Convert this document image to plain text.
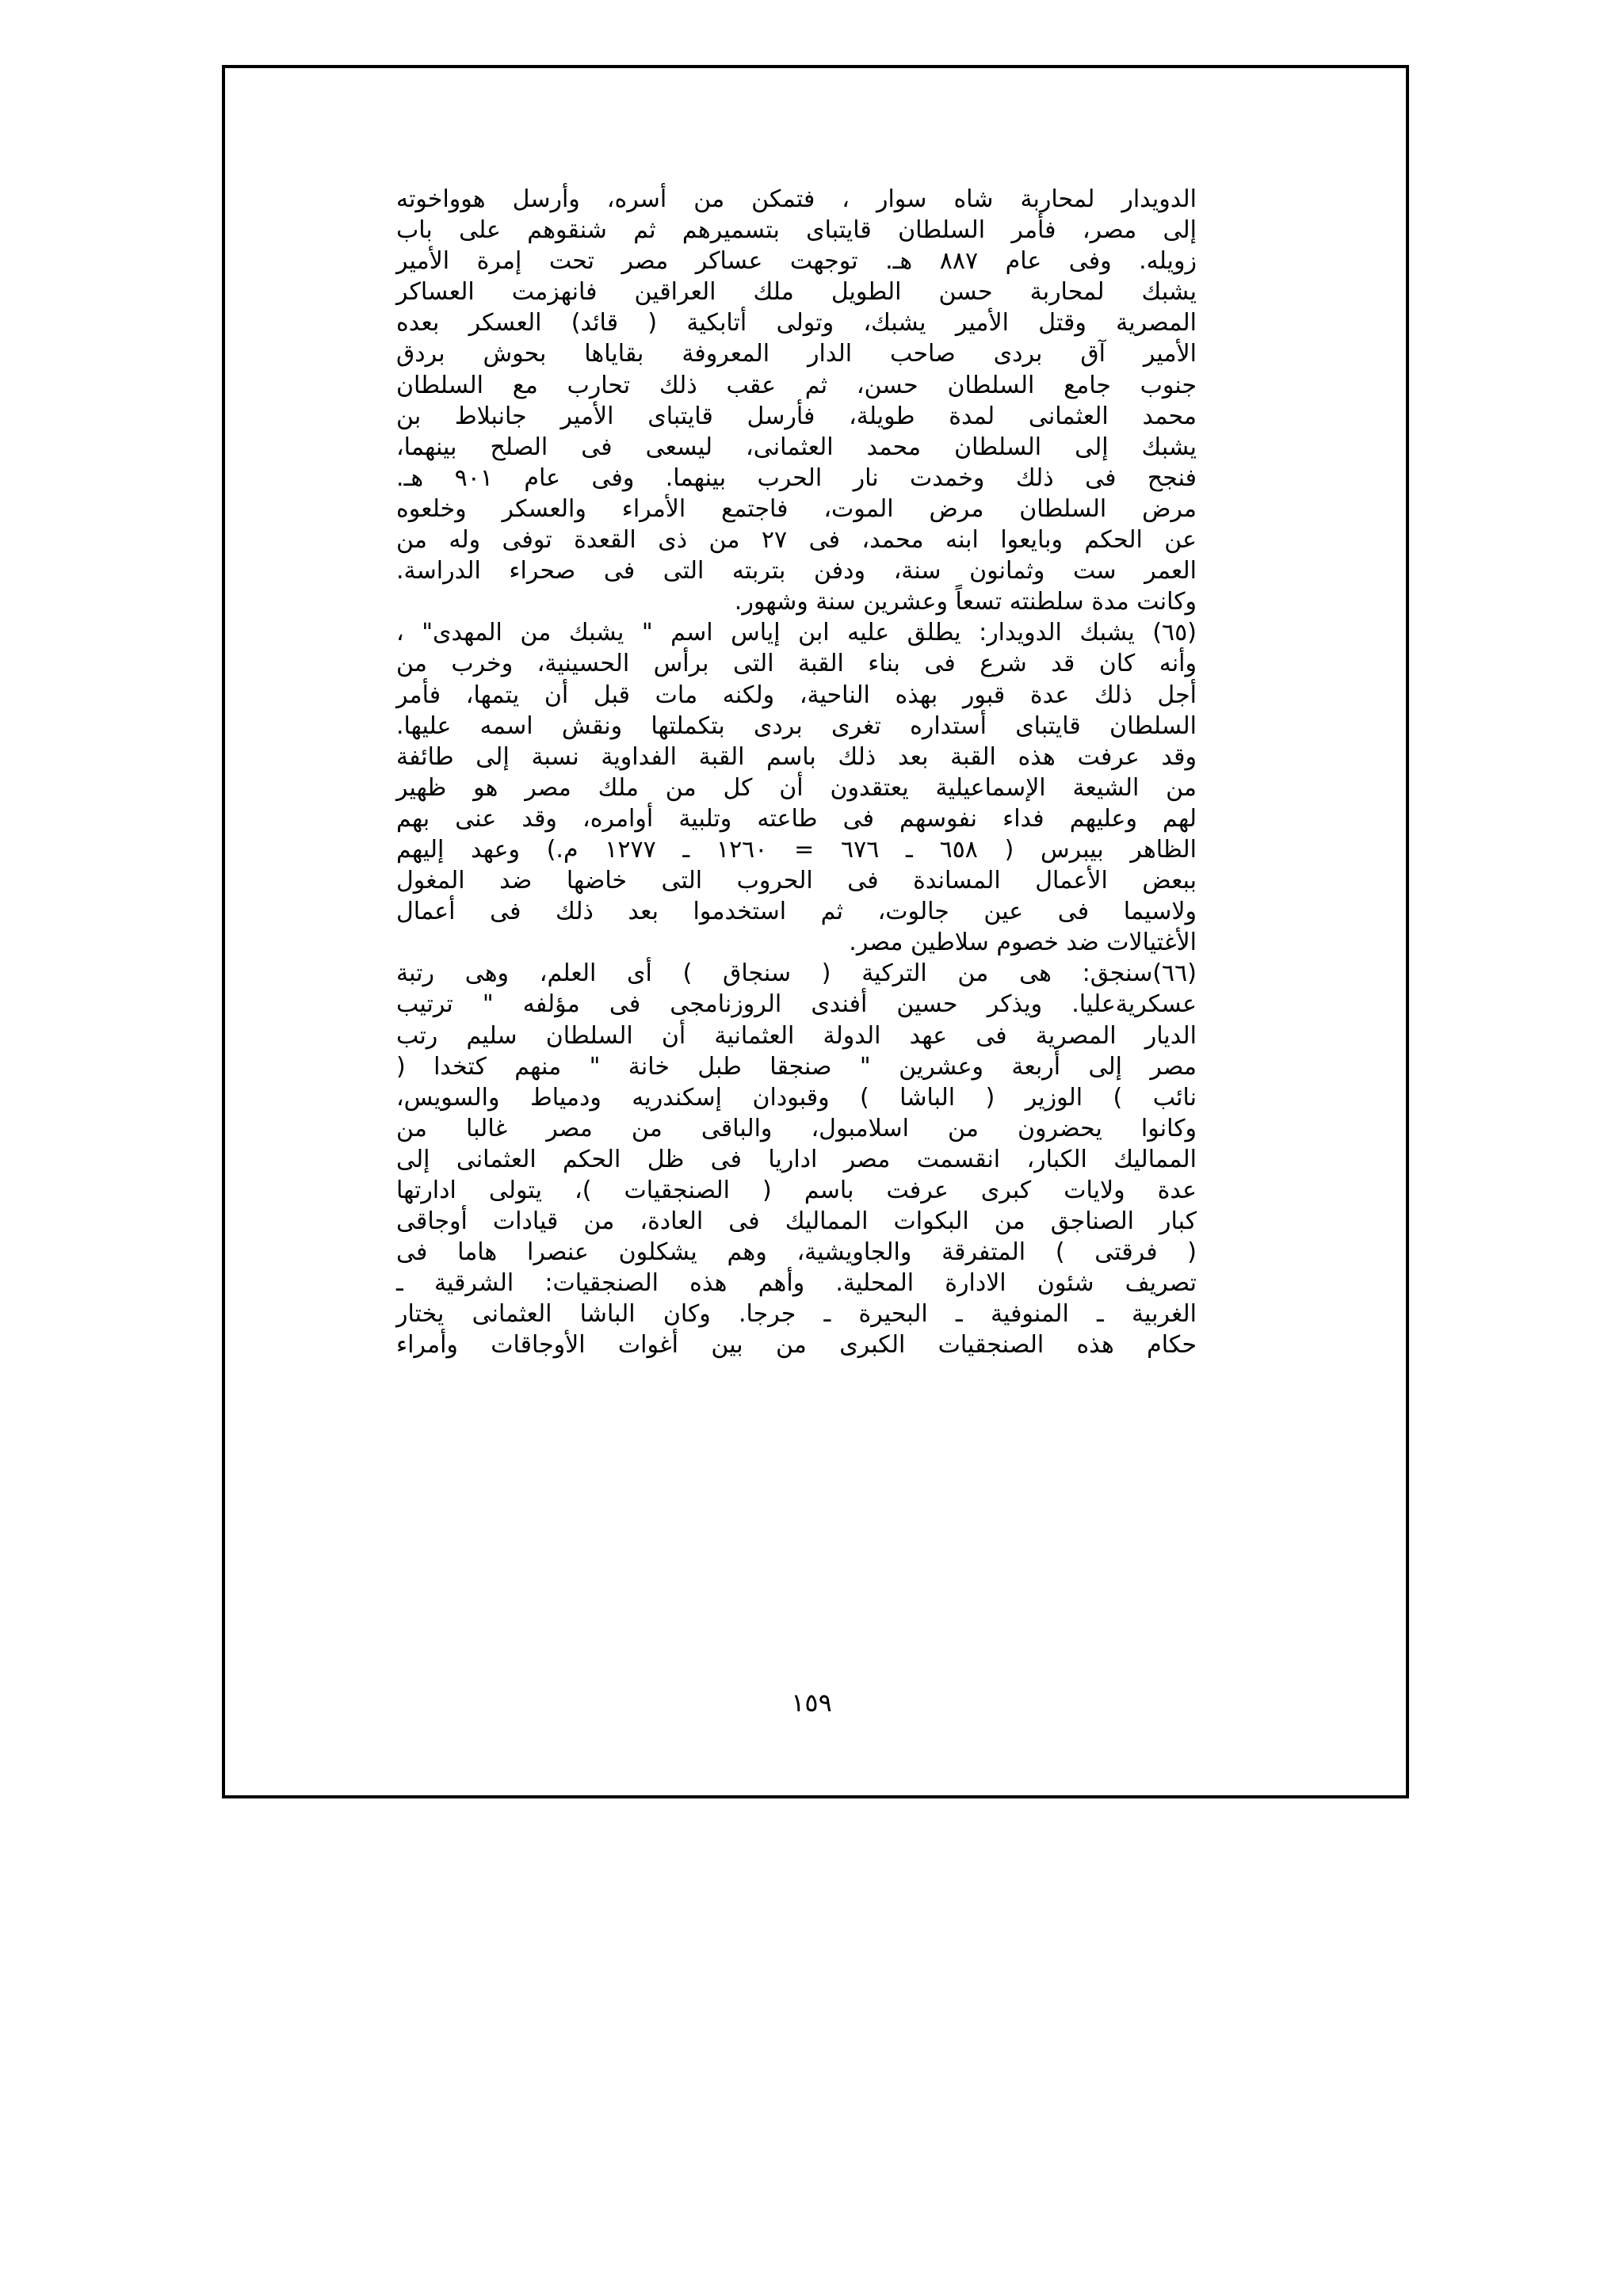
الدويدار لمحاربة شاه سوار ، فتمكن من أسره، وأرسل هوواخوته
إلى مصر، فأمر السلطان قايتباى بتسميرهم ثم شنقوهم على باب
زويله. وفى عام ٨٨٧ هـ. توجهت عساكر مصر تحت إمرة الأمير
يشبك لمحاربة حسن الطويل ملك العراقين فانهزمت العساكر
المصرية وقتل الأمير يشبك، وتولى أتابكية ( قائد) العسكر بعده
الأمير آق بردى صاحب الدار المعروفة بقاياها بحوش بردق
جنوب جامع السلطان حسن، ثم عقب ذلك تحارب مع السلطان
محمد العثمانى لمدة طويلة، فأرسل قايتباى الأمير جانبلاط بن
يشبك إلى السلطان محمد العثمانى، ليسعى فى الصلح بينهما،
فنجح فى ذلك وخمدت نار الحرب بينهما. وفى عام ٩٠١ هـ.
مرض السلطان مرض الموت، فاجتمع الأمراء والعسكر وخلعوه
عن الحكم وبايعوا ابنه محمد، فى ٢٧ من ذى القعدة توفى وله من
العمر ست وثمانون سنة، ودفن بتربته التى فى صحراء الدراسة.
وكانت مدة سلطنته تسعاً وعشرين سنة وشهور.
(٦٥) يشبك الدويدار: يطلق عليه ابن إياس اسم " يشبك من المهدى" ،
وأنه كان قد شرع فى بناء القبة التى برأس الحسينية، وخرب من
أجل ذلك عدة قبور بهذه الناحية، ولكنه مات قبل أن يتمها، فأمر
السلطان قايتباى أستداره تغرى بردى بتكملتها ونقش اسمه عليها.
وقد عرفت هذه القبة بعد ذلك باسم القبة الفداوية نسبة إلى طائفة
من الشيعة الإسماعيلية يعتقدون أن كل من ملك مصر هو ظهير
لهم وعليهم فداء نفوسهم فى طاعته وتلبية أوامره، وقد عنى بهم
الظاهر بيبرس ( ٦٥٨ ـ ٦٧٦ = ١٢٦٠ ـ ١٢٧٧ م.) وعهد إليهم
ببعض الأعمال المساندة فى الحروب التى خاضها ضد المغول
ولاسيما فى عين جالوت، ثم استخدموا بعد ذلك فى أعمال
الأغتيالات ضد خصوم سلاطين مصر.
(٦٦)سنجق: هى من التركية ( سنجاق ) أى العلم، وهى رتبة
عسكريةعليا. ويذكر حسين أفندى الروزنامجى فى مؤلفه " ترتيب
الديار المصرية فى عهد الدولة العثمانية أن السلطان سليم رتب
مصر إلى أربعة وعشرين " صنجقا طبل خانة " منهم كتخدا (
نائب ) الوزير ( الباشا ) وقبودان إسكندريه ودمياط والسويس،
وكانوا يحضرون من اسلامبول، والباقى من مصر غالبا من
المماليك الكبار، انقسمت مصر اداريا فى ظل الحكم العثمانى إلى
عدة ولايات كبرى عرفت باسم ( الصنجقيات )، يتولى ادارتها
كبار الصناجق من البكوات المماليك فى العادة، من قيادات أوجاقى
( فرقتى ) المتفرقة والجاويشية، وهم يشكلون عنصرا هاما فى
تصريف شئون الادارة المحلية. وأهم هذه الصنجقيات: الشرقية ـ
الغربية ـ المنوفية ـ البحيرة ـ جرجا. وكان الباشا العثمانى يختار
حكام هذه الصنجقيات الكبرى من بين أغوات الأوجاقات وأمراء
١٥٩
